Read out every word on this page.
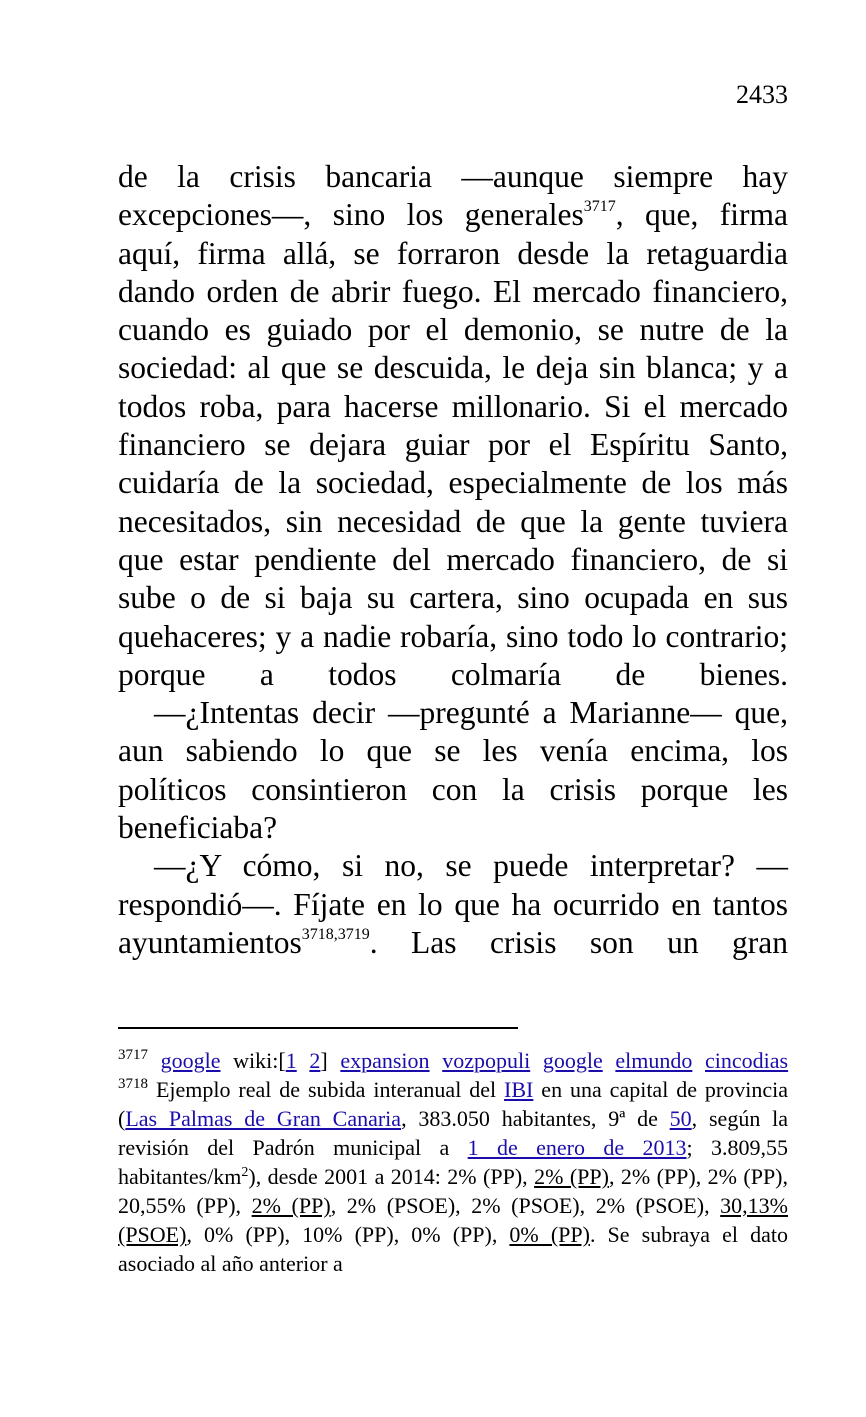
2433

de la crisis bancaria —aunque siempre hay
excepciones—, sino los generales$^{3717}$, que, firma aquí, firma allá, se forraron desde la retaguardia dando orden de abrir fuego. El mercado financiero, cuando es guiado por el demonio, se nutre de la sociedad: al que se descuida, le deja sin blanca; y a todos roba, para hacerse millonario. Si el mercado financiero se dejara guiar por el Espíritu Santo, cuidaría de la sociedad, especialmente de los más necesitados, sin necesidad de que la gente tuviera que estar pendiente del mercado financiero, de si sube o de si baja su cartera, sino ocupada en sus quehaceres; y a nadie robaría, sino todo lo contrario; porque a todos colmaría de bienes.

—¿Intentas decir —pregunté a Marianne— que, aun sabiendo lo que se les venía encima, los políticos consintieron con la crisis porque les beneficiaba?

—¿Y cómo, si no, se puede interpretar? —respondió—. Fíjate en lo que ha ocurrido en tantos ayuntamientos$^{3718,3719}$. Las crisis son un gran

$^{3717}$ google wiki:[1 2] expansion vozpopuli google elmundo cincodias

$^{3718}$ Ejemplo real de subida interanual del IBI en una capital de provincia (Las Palmas de Gran Canaria, 383.050 habitantes, 9ª de 50, según la revisión del Padrón municipal a 1 de enero de 2013; 3.809,55 habitantes/$km^2$), desde 2001 a 2014: 2% (PP), 2% (PP), 2% (PP), 2% (PP), 20,55% (PP), 2% (PP), 2% (PSOE), 2% (PSOE), 2% (PSOE), 30,13% (PSOE), 0% (PP), 10% (PP), 0% (PP), 0% (PP). Se subraya el dato asociado al año anterior a
